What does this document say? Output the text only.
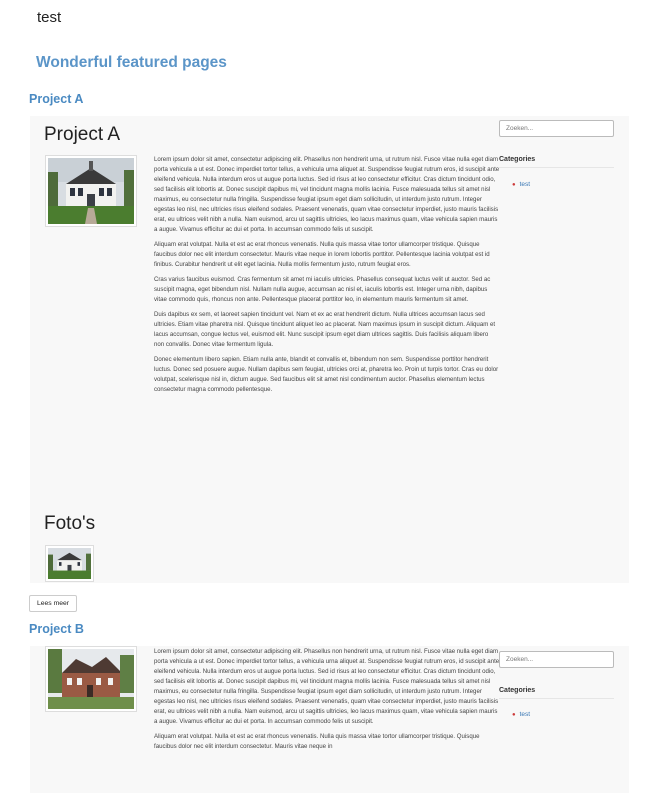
test
Wonderful featured pages
Project A
Project A

Lorem ipsum dolor sit amet, consectetur adipiscing elit. Phasellus non hendrerit urna, ut rutrum nisl. Fusce vitae nulla eget diam porta vehicula a ut est. Donec imperdiet tortor tellus, a vehicula urna aliquet at. Suspendisse feugiat rutrum eros, id suscipit ante eleifend vehicula. Nulla interdum eros ut augue porta luctus. Sed id risus at leo consectetur efficitur. Cras dictum tincidunt odio, sed facilisis elit lobortis at. Donec suscipit dapibus mi, vel tincidunt magna mollis lacinia. Fusce malesuada tellus sit amet nisl maximus, eu consectetur nulla fringilla. Suspendisse feugiat ipsum eget diam sollicitudin, ut interdum justo rutrum. Integer egestas leo nisl, nec ultricies risus eleifend sodales. Praesent venenatis, quam vitae consectetur imperdiet, justo mauris facilisis erat, eu ultrices velit nibh a nulla. Nam euismod, arcu ut sagittis ultricies, leo lacus maximus quam, vitae vehicula sapien mauris a augue. Vivamus efficitur ac dui et porta. In accumsan commodo felis ut suscipit.

Aliquam erat volutpat. Nulla et est ac erat rhoncus venenatis. Nulla quis massa vitae tortor ullamcorper tristique. Quisque faucibus dolor nec elit interdum consectetur. Mauris vitae neque in lorem lobortis porttitor. Pellentesque lacinia volutpat est id finibus. Curabitur hendrerit ut elit eget lacinia. Nulla mollis fermentum justo, rutrum feugiat eros.

Cras varius faucibus euismod. Cras fermentum sit amet mi iaculis ultricies. Phasellus consequat luctus velit ut auctor. Sed ac suscipit magna, eget bibendum nisl. Nullam nulla augue, accumsan ac nisl et, iaculis lobortis est. Integer urna nibh, dapibus vitae commodo quis, rhoncus non ante. Pellentesque placerat porttitor leo, in elementum mauris fermentum sit amet.

Duis dapibus ex sem, et laoreet sapien tincidunt vel. Nam et ex ac erat hendrerit dictum. Nulla ultrices accumsan lacus sed ultricies. Etiam vitae pharetra nisl. Quisque tincidunt aliquet leo ac placerat. Nam maximus ipsum in suscipit dictum. Aliquam et lacus accumsan, congue lectus vel, euismod elit. Nunc suscipit ipsum eget diam ultrices sagittis. Duis facilisis aliquam libero non convallis. Donec vitae fermentum ligula.

Donec elementum libero sapien. Etiam nulla ante, blandit et convallis et, bibendum non sem. Suspendisse porttitor hendrerit luctus. Donec sed posuere augue. Nullam dapibus sem feugiat, ultricies orci at, pharetra leo. Proin ut turpis tortor. Cras eu dolor volutpat, scelerisque nisl in, dictum augue. Sed faucibus elit sit amet nisl condimentum auctor. Phasellus elementum lectus consectetur magna commodo pellentesque.

Foto's
Zoeken...
Categories
● test
Lees meer
Project B

Lorem ipsum dolor sit amet, consectetur adipiscing elit. Phasellus non hendrerit urna, ut rutrum nisl. Fusce vitae nulla eget diam porta vehicula a ut est. Donec imperdiet tortor tellus, a vehicula urna aliquet at. Suspendisse feugiat rutrum eros, id suscipit ante eleifend vehicula. Nulla interdum eros ut augue porta luctus. Sed id risus at leo consectetur efficitur. Cras dictum tincidunt odio, sed facilisis elit lobortis at. Donec suscipit dapibus mi, vel tincidunt magna mollis lacinia. Fusce malesuada tellus sit amet nisl maximus, eu consectetur nulla fringilla. Suspendisse feugiat ipsum eget diam sollicitudin, ut interdum justo rutrum. Integer egestas leo nisl, nec ultricies risus eleifend sodales. Praesent venenatis, quam vitae consectetur imperdiet, justo mauris facilisis erat, eu ultrices velit nibh a nulla. Nam euismod, arcu ut sagittis ultricies, leo lacus maximus quam, vitae vehicula sapien mauris a augue. Vivamus efficitur ac dui et porta. In accumsan commodo felis ut suscipit.

Aliquam erat volutpat. Nulla et est ac erat rhoncus venenatis. Nulla quis massa vitae tortor ullamcorper tristique. Quisque faucibus dolor nec elit interdum consectetur. Mauris vitae neque in

Zoeken...
Categories
● test
